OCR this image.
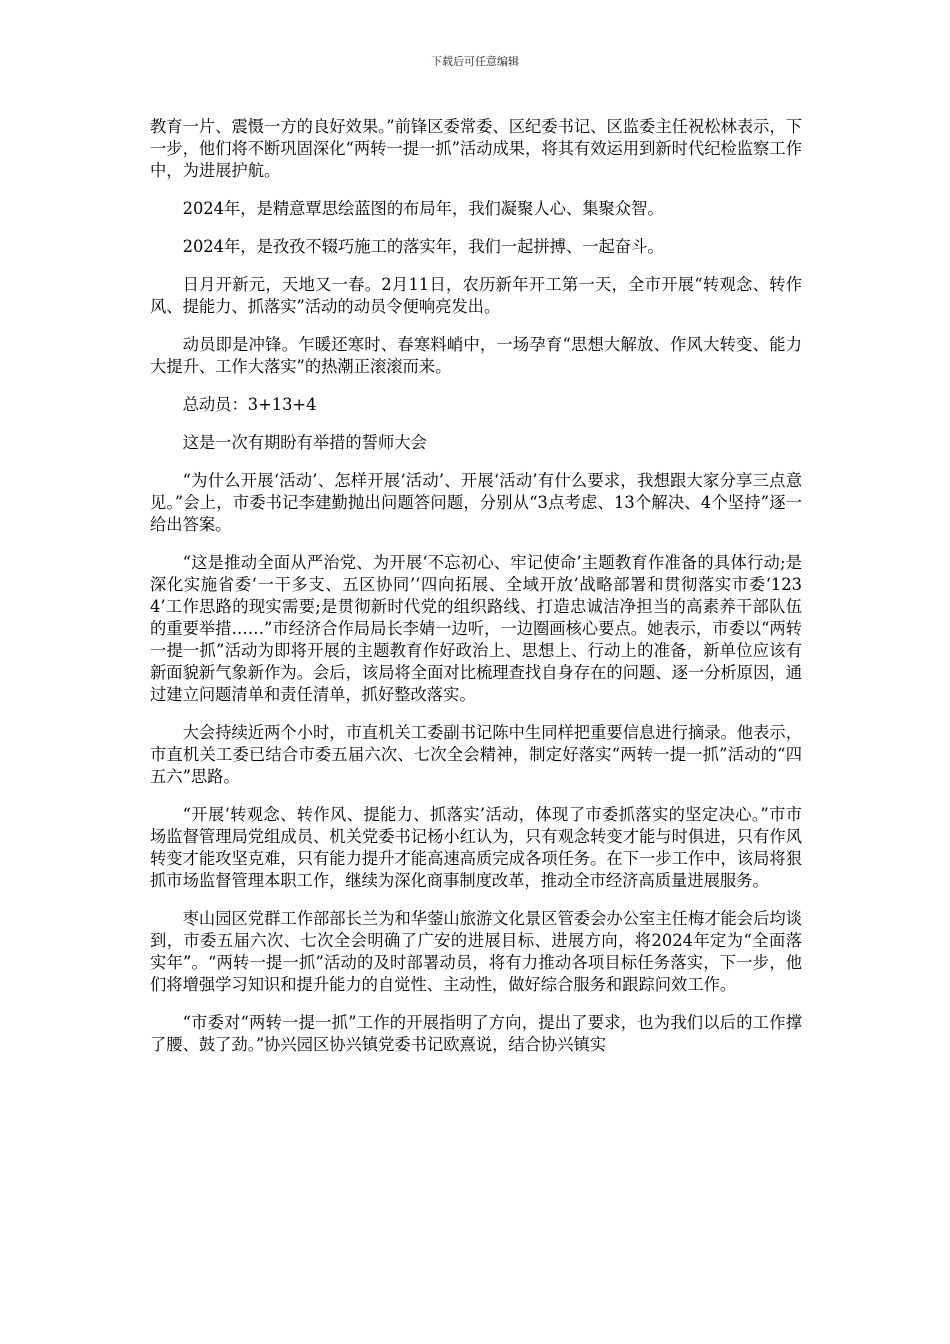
下载后可任意编辑

教育一片、震慑一方的良好效果。”前锋区委常委、区纪委书记、区监委主任祝松林表示，下一步，他们将不断巩固深化“两转一提一抓”活动成果，将其有效运用到新时代纪检监察工作中，为进展护航。

2024年，是精意覃思绘蓝图的布局年，我们凝聚人心、集聚众智。

2024年，是孜孜不辍巧施工的落实年，我们一起拼搏、一起奋斗。

日月开新元，天地又一春。2月11日，农历新年开工第一天，全市开展“转观念、转作风、提能力、抓落实”活动的动员令便响亮发出。

动员即是冲锋。乍暖还寒时、春寒料峭中，一场孕育“思想大解放、作风大转变、能力大提升、工作大落实”的热潮正滚滚而来。

总动员：3+13+4

这是一次有期盼有举措的誓师大会

“为什么开展‘活动’、怎样开展‘活动’、开展‘活动’有什么要求，我想跟大家分享三点意见。”会上，市委书记李建勤抛出问题答问题，分别从“3点考虑、13个解决、4个坚持”逐一给出答案。

“这是推动全面从严治党、为开展‘不忘初心、牢记使命’主题教育作准备的具体行动;是深化实施省委‘一干多支、五区协同’‘四向拓展、全域开放’战略部署和贯彻落实市委‘1234’工作思路的现实需要;是贯彻新时代党的组织路线、打造忠诚洁净担当的高素养干部队伍的重要举措……”市经济合作局局长李婧一边听，一边圈画核心要点。她表示，市委以“两转一提一抓”活动为即将开展的主题教育作好政治上、思想上、行动上的准备，新单位应该有新面貌新气象新作为。会后，该局将全面对比梳理查找自身存在的问题、逐一分析原因，通过建立问题清单和责任清单，抓好整改落实。

大会持续近两个小时，市直机关工委副书记陈中生同样把重要信息进行摘录。他表示，市直机关工委已结合市委五届六次、七次全会精神，制定好落实“两转一提一抓”活动的“四五六”思路。

“开展‘转观念、转作风、提能力、抓落实’活动，体现了市委抓落实的坚定决心。”市市场监督管理局党组成员、机关党委书记杨小红认为，只有观念转变才能与时俱进，只有作风转变才能攻坚克难，只有能力提升才能高速高质完成各项任务。在下一步工作中，该局将狠抓市场监督管理本职工作，继续为深化商事制度改革，推动全市经济高质量进展服务。

枣山园区党群工作部部长兰为和华蓥山旅游文化景区管委会办公室主任梅才能会后均谈到，市委五届六次、七次全会明确了广安的进展目标、进展方向，将2024年定为“全面落实年”。“两转一提一抓”活动的及时部署动员，将有力推动各项目标任务落实，下一步，他们将增强学习知识和提升能力的自觉性、主动性，做好综合服务和跟踪问效工作。

“市委对“两转一提一抓”工作的开展指明了方向，提出了要求，也为我们以后的工作撑了腰、鼓了劲。”协兴园区协兴镇党委书记欧熹说，结合协兴镇实
